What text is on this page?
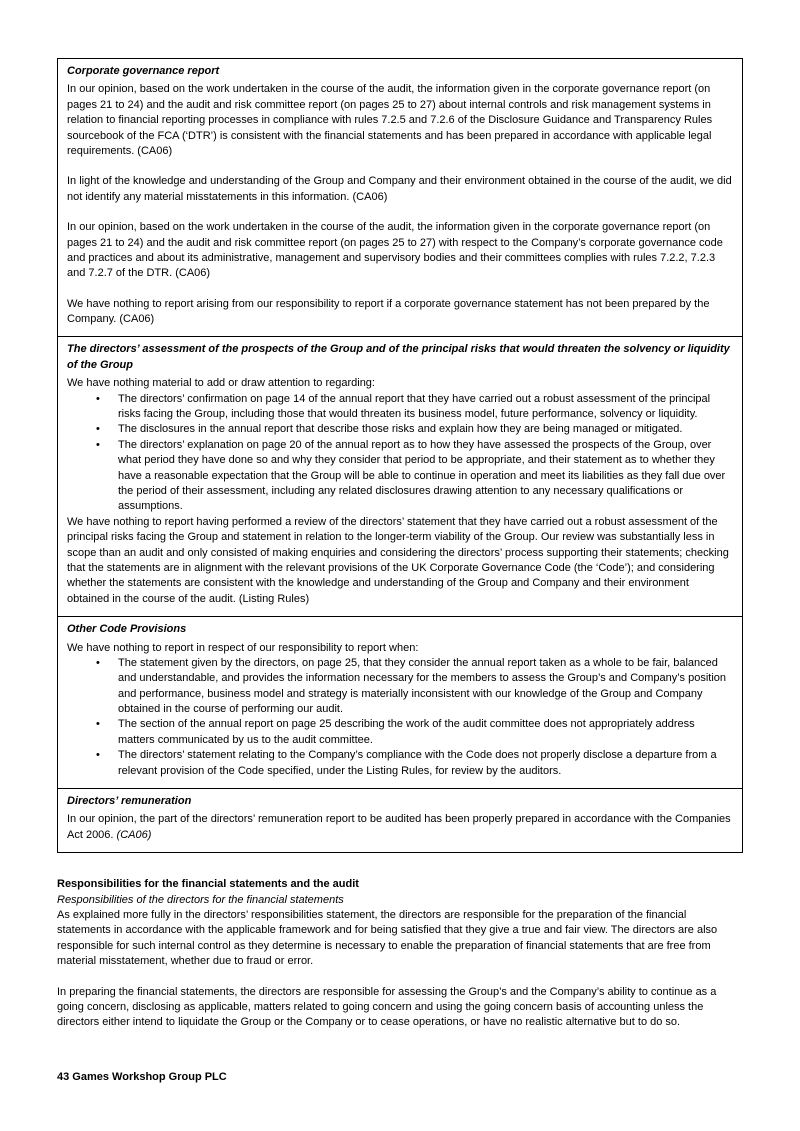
Corporate governance report

In our opinion, based on the work undertaken in the course of the audit, the information given in the corporate governance report (on pages 21 to 24) and the audit and risk committee report (on pages 25 to 27) about internal controls and risk management systems in relation to financial reporting processes in compliance with rules 7.2.5 and 7.2.6 of the Disclosure Guidance and Transparency Rules sourcebook of the FCA (‘DTR’) is consistent with the financial statements and has been prepared in accordance with applicable legal requirements. (CA06)

In light of the knowledge and understanding of the Group and Company and their environment obtained in the course of the audit, we did not identify any material misstatements in this information. (CA06)

In our opinion, based on the work undertaken in the course of the audit, the information given in the corporate governance report (on pages 21 to 24) and the audit and risk committee report (on pages 25 to 27) with respect to the Company’s corporate governance code and practices and about its administrative, management and supervisory bodies and their committees complies with rules 7.2.2, 7.2.3 and 7.2.7 of the DTR. (CA06)

We have nothing to report arising from our responsibility to report if a corporate governance statement has not been prepared by the Company. (CA06)

The directors’ assessment of the prospects of the Group and of the principal risks that would threaten the solvency or liquidity of the Group

We have nothing material to add or draw attention to regarding:

• The directors’ confirmation on page 14 of the annual report that they have carried out a robust assessment of the principal risks facing the Group, including those that would threaten its business model, future performance, solvency or liquidity.
• The disclosures in the annual report that describe those risks and explain how they are being managed or mitigated.
• The directors’ explanation on page 20 of the annual report as to how they have assessed the prospects of the Group, over what period they have done so and why they consider that period to be appropriate, and their statement as to whether they have a reasonable expectation that the Group will be able to continue in operation and meet its liabilities as they fall due over the period of their assessment, including any related disclosures drawing attention to any necessary qualifications or assumptions.

We have nothing to report having performed a review of the directors’ statement that they have carried out a robust assessment of the principal risks facing the Group and statement in relation to the longer-term viability of the Group. Our review was substantially less in scope than an audit and only consisted of making enquiries and considering the directors’ process supporting their statements; checking that the statements are in alignment with the relevant provisions of the UK Corporate Governance Code (the ‘Code’); and considering whether the statements are consistent with the knowledge and understanding of the Group and Company and their environment obtained in the course of the audit. (Listing Rules)

Other Code Provisions

We have nothing to report in respect of our responsibility to report when:

• The statement given by the directors, on page 25, that they consider the annual report taken as a whole to be fair, balanced and understandable, and provides the information necessary for the members to assess the Group’s and Company’s position and performance, business model and strategy is materially inconsistent with our knowledge of the Group and Company obtained in the course of performing our audit.
• The section of the annual report on page 25 describing the work of the audit committee does not appropriately address matters communicated by us to the audit committee.
• The directors’ statement relating to the Company’s compliance with the Code does not properly disclose a departure from a relevant provision of the Code specified, under the Listing Rules, for review by the auditors.
Directors’ remuneration

In our opinion, the part of the directors’ remuneration report to be audited has been properly prepared in accordance with the Companies Act 2006. (CA06)

Responsibilities for the financial statements and the audit

Responsibilities of the directors for the financial statements

As explained more fully in the directors’ responsibilities statement, the directors are responsible for the preparation of the financial statements in accordance with the applicable framework and for being satisfied that they give a true and fair view. The directors are also responsible for such internal control as they determine is necessary to enable the preparation of financial statements that are free from material misstatement, whether due to fraud or error.

In preparing the financial statements, the directors are responsible for assessing the Group’s and the Company’s ability to continue as a going concern, disclosing as applicable, matters related to going concern and using the going concern basis of accounting unless the directors either intend to liquidate the Group or the Company or to cease operations, or have no realistic alternative but to do so.

43 Games Workshop Group PLC
